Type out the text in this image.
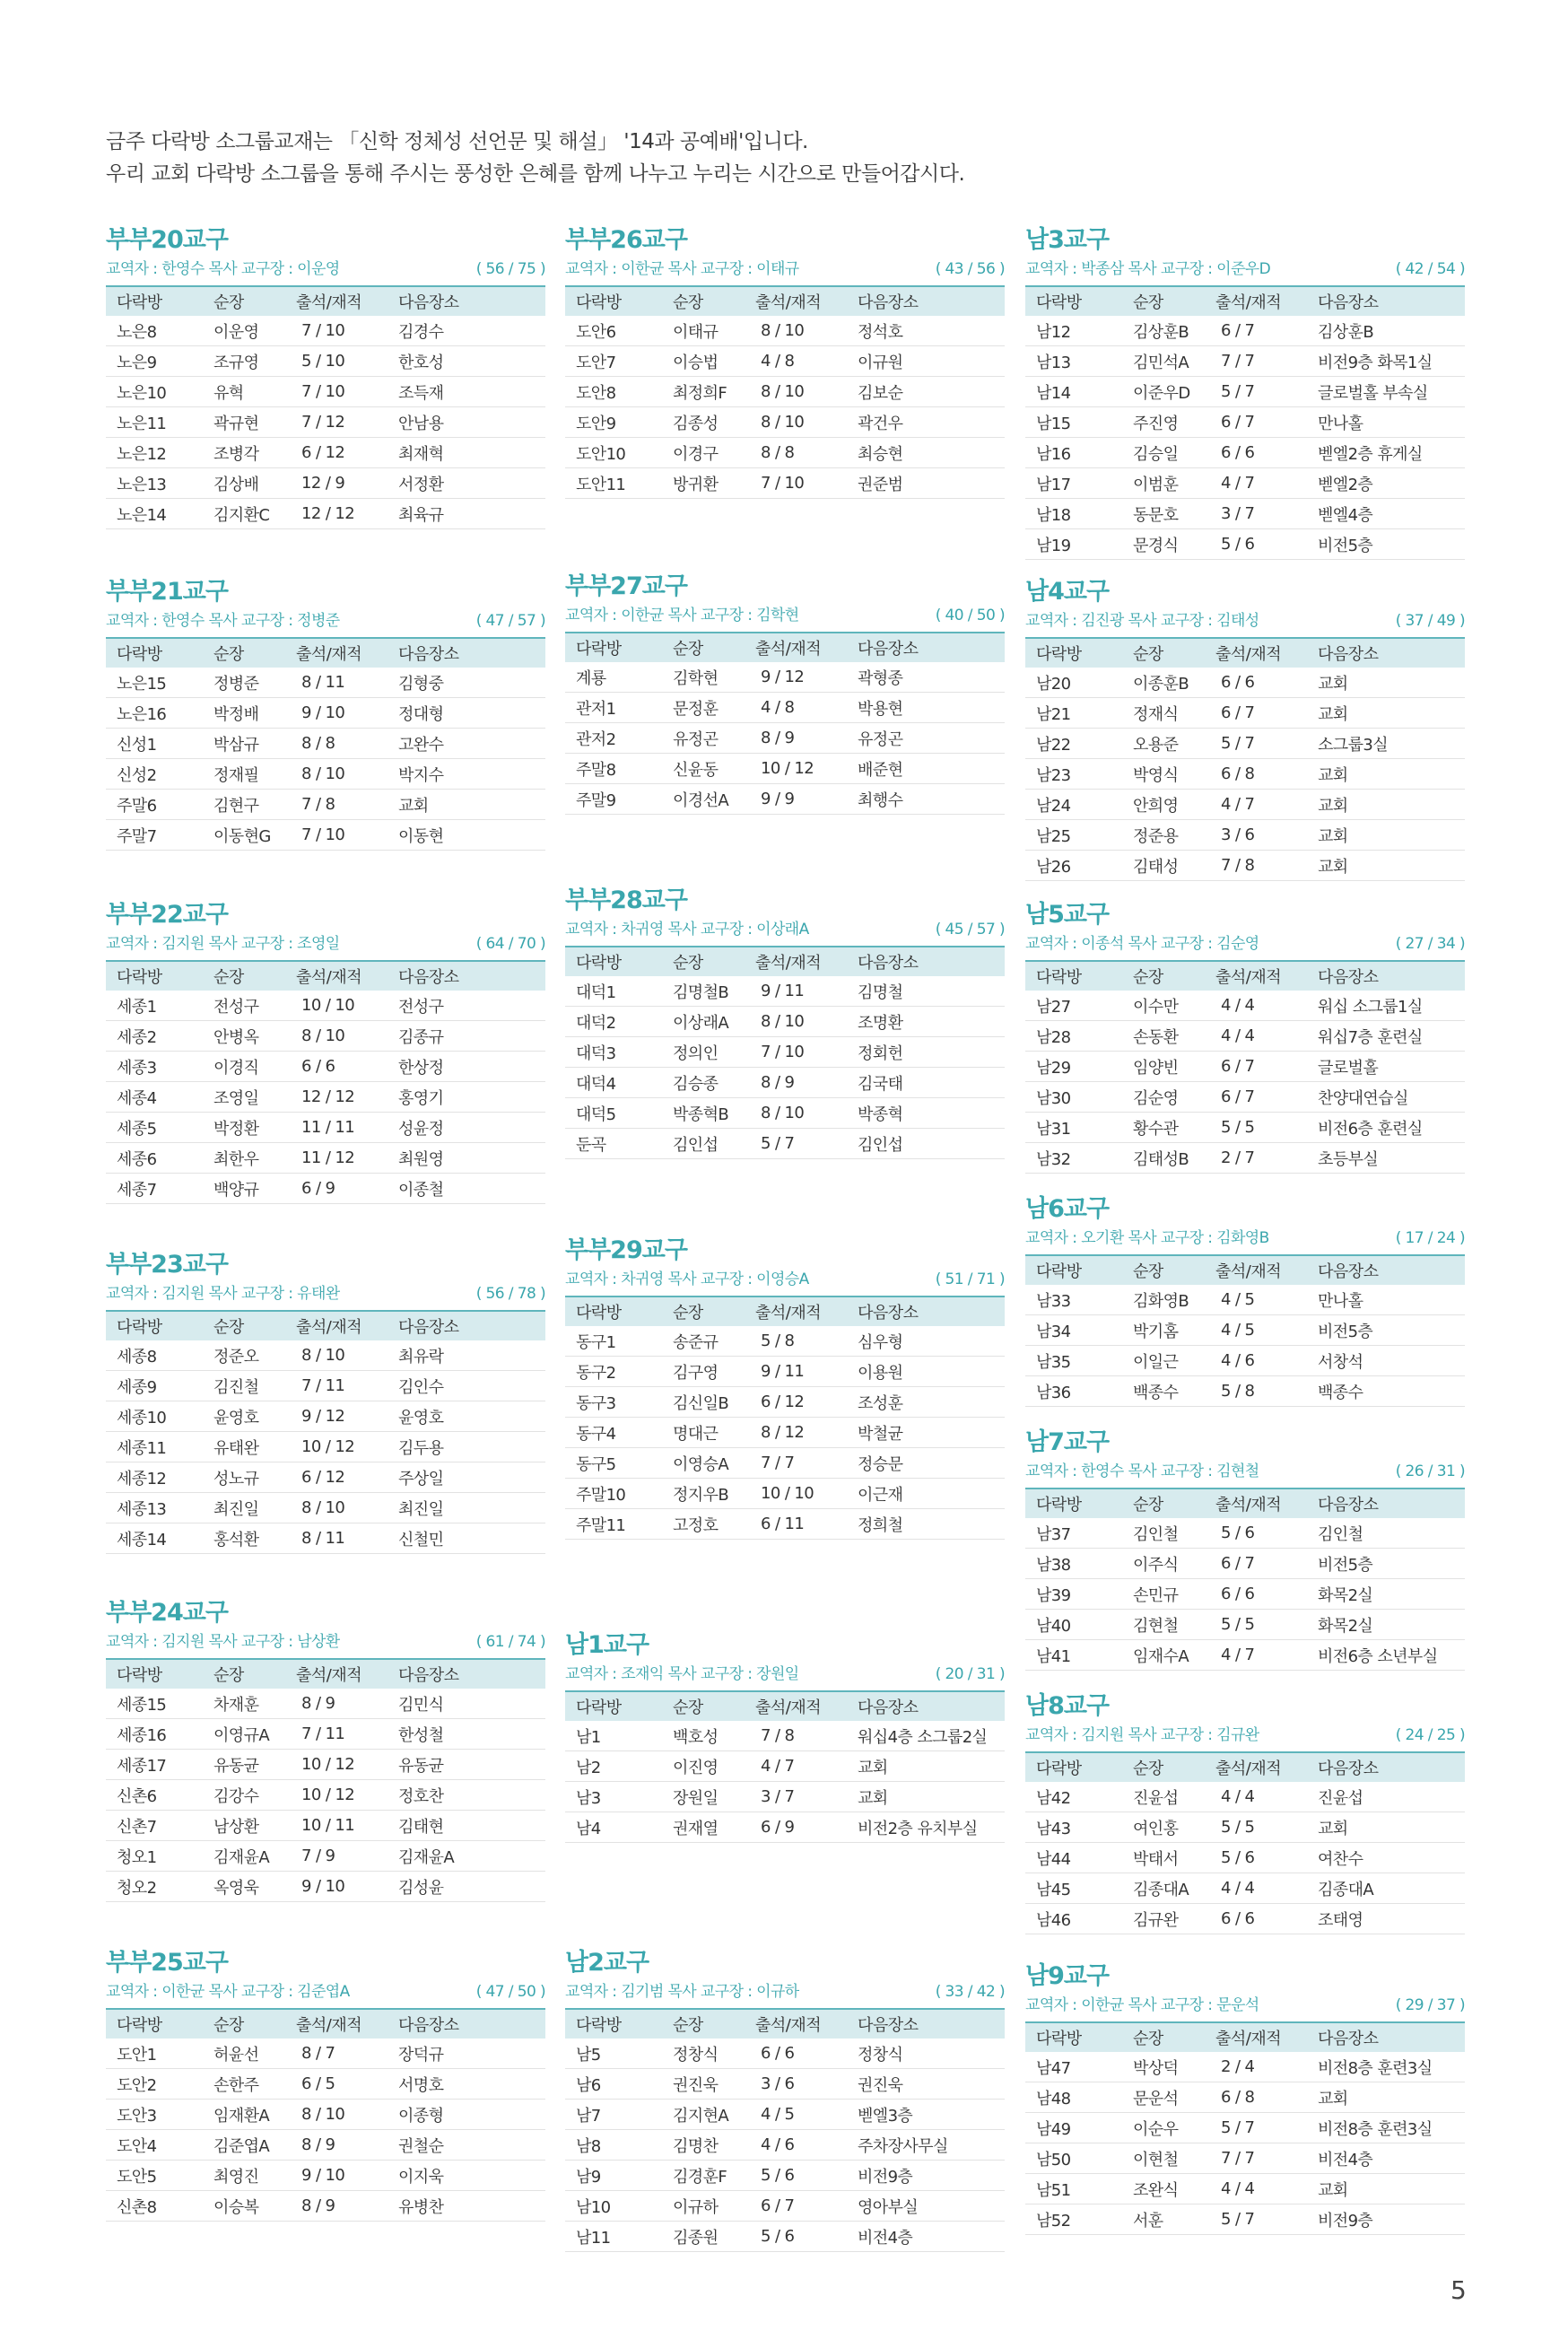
금주 다락방 소그룹교재는 「신학 정체성 선언문 및 해설」 '14과 공예배'입니다.

우리 교회 다락방 소그룹을 통해 주시는 풍성한 은혜를 함께 나누고 누리는 시간으로 만들어갑시다.

부부20교구
교역자 : 한영수 목사 교구장 : 이운영	( 56 / 75 )
다락방	순장	출석/재적	다음장소
노은8	이운영	7 / 10	김경수
노은9	조규영	5 / 10	한호성
노은10	유혁	7 / 10	조득재
노은11	곽규현	7 / 12	안남용
노은12	조병각	6 / 12	최재혁
노은13	김상배	12 / 9	서정환
노은14	김지환C	12 / 12	최육규
부부21교구
교역자 : 한영수 목사 교구장 : 정병준	( 47 / 57 )
다락방	순장	출석/재적	다음장소
노은15	정병준	8 / 11	김형중
노은16	박정배	9 / 10	정대형
신성1	박삼규	8 / 8	고완수
신성2	정재필	8 / 10	박지수
주말6	김현구	7 / 8	교회
주말7	이동현G	7 / 10	이동현
부부22교구
교역자 : 김지원 목사 교구장 : 조영일	( 64 / 70 )
다락방	순장	출석/재적	다음장소
세종1	전성구	10 / 10	전성구
세종2	안병옥	8 / 10	김종규
세종3	이경직	6 / 6	한상정
세종4	조영일	12 / 12	홍영기
세종5	박정환	11 / 11	성윤정
세종6	최한우	11 / 12	최원영
세종7	백양규	6 / 9	이종철
부부23교구
교역자 : 김지원 목사 교구장 : 유태완	( 56 / 78 )
다락방	순장	출석/재적	다음장소
세종8	정준오	8 / 10	최유락
세종9	김진철	7 / 11	김인수
세종10	윤영호	9 / 12	윤영호
세종11	유태완	10 / 12	김두용
세종12	성노규	6 / 12	주상일
세종13	최진일	8 / 10	최진일
세종14	홍석환	8 / 11	신철민
부부24교구
교역자 : 김지원 목사 교구장 : 남상환	( 61 / 74 )
다락방	순장	출석/재적	다음장소
세종15	차재훈	8 / 9	김민식
세종16	이영규A	7 / 11	한성철
세종17	유동균	10 / 12	유동균
신촌6	김강수	10 / 12	정호찬
신촌7	남상환	10 / 11	김태현
청오1	김재윤A	7 / 9	김재윤A
청오2	옥영욱	9 / 10	김성윤
부부25교구
교역자 : 이한균 목사 교구장 : 김준엽A	( 47 / 50 )
다락방	순장	출석/재적	다음장소
도안1	허윤선	8 / 7	장덕규
도안2	손한주	6 / 5	서명호
도안3	임재환A	8 / 10	이종형
도안4	김준엽A	8 / 9	권철순
도안5	최영진	9 / 10	이지욱
신촌8	이승복	8 / 9	유병찬
부부26교구
교역자 : 이한균 목사 교구장 : 이태규	( 43 / 56 )
다락방	순장	출석/재적	다음장소
도안6	이태규	8 / 10	정석호
도안7	이승법	4 / 8	이규원
도안8	최정희F	8 / 10	김보순
도안9	김종성	8 / 10	곽건우
도안10	이경구	8 / 8	최승현
도안11	방귀환	7 / 10	권준범
부부27교구
교역자 : 이한균 목사 교구장 : 김학현	( 40 / 50 )
다락방	순장	출석/재적	다음장소
계룡	김학현	9 / 12	곽형종
관저1	문정훈	4 / 8	박용현
관저2	유정곤	8 / 9	유정곤
주말8	신윤동	10 / 12	배준현
주말9	이경선A	9 / 9	최행수
부부28교구
교역자 : 차귀영 목사 교구장 : 이상래A	( 45 / 57 )
다락방	순장	출석/재적	다음장소
대덕1	김명철B	9 / 11	김명철
대덕2	이상래A	8 / 10	조명환
대덕3	정의인	7 / 10	정회헌
대덕4	김승종	8 / 9	김국태
대덕5	박종혁B	8 / 10	박종혁
둔곡	김인섭	5 / 7	김인섭
부부29교구
교역자 : 차귀영 목사 교구장 : 이영승A	( 51 / 71 )
다락방	순장	출석/재적	다음장소
동구1	송준규	5 / 8	심우형
동구2	김구영	9 / 11	이용원
동구3	김신일B	6 / 12	조성훈
동구4	명대근	8 / 12	박철균
동구5	이영승A	7 / 7	정승문
주말10	정지우B	10 / 10	이근재
주말11	고정호	6 / 11	정희철
남1교구
교역자 : 조재익 목사 교구장 : 장원일	( 20 / 31 )
다락방	순장	출석/재적	다음장소
남1	백호성	7 / 8	워십4층 소그룹2실
남2	이진영	4 / 7	교회
남3	장원일	3 / 7	교회
남4	권재열	6 / 9	비전2층 유치부실
남2교구
교역자 : 김기범 목사 교구장 : 이규하	( 33 / 42 )
다락방	순장	출석/재적	다음장소
남5	정창식	6 / 6	정창식
남6	권진욱	3 / 6	권진욱
남7	김지현A	4 / 5	벧엘3층
남8	김명찬	4 / 6	주차장사무실
남9	김경훈F	5 / 6	비전9층
남10	이규하	6 / 7	영아부실
남11	김종원	5 / 6	비전4층
남3교구
교역자 : 박종삼 목사 교구장 : 이준우D	( 42 / 54 )
다락방	순장	출석/재적	다음장소
남12	김상훈B	6 / 7	김상훈B
남13	김민석A	7 / 7	비전9층 화목1실
남14	이준우D	5 / 7	글로벌홀 부속실
남15	주진영	6 / 7	만나홀
남16	김승일	6 / 6	벧엘2층 휴게실
남17	이범훈	4 / 7	벧엘2층
남18	동문호	3 / 7	벧엘4층
남19	문경식	5 / 6	비전5층
남4교구
교역자 : 김진광 목사 교구장 : 김태성	( 37 / 49 )
다락방	순장	출석/재적	다음장소
남20	이종훈B	6 / 6	교회
남21	정재식	6 / 7	교회
남22	오용준	5 / 7	소그룹3실
남23	박영식	6 / 8	교회
남24	안희영	4 / 7	교회
남25	정준용	3 / 6	교회
남26	김태성	7 / 8	교회
남5교구
교역자 : 이종석 목사 교구장 : 김순영	( 27 / 34 )
다락방	순장	출석/재적	다음장소
남27	이수만	4 / 4	워십 소그룹1실
남28	손동환	4 / 4	워십7층 훈련실
남29	임양빈	6 / 7	글로벌홀
남30	김순영	6 / 7	찬양대연습실
남31	황수관	5 / 5	비전6층 훈련실
남32	김태성B	2 / 7	초등부실
남6교구
교역자 : 오기환 목사 교구장 : 김화영B	( 17 / 24 )
다락방	순장	출석/재적	다음장소
남33	김화영B	4 / 5	만나홀
남34	박기홈	4 / 5	비전5층
남35	이일근	4 / 6	서창석
남36	백종수	5 / 8	백종수
남7교구
교역자 : 한영수 목사 교구장 : 김현철	( 26 / 31 )
다락방	순장	출석/재적	다음장소
남37	김인철	5 / 6	김인철
남38	이주식	6 / 7	비전5층
남39	손민규	6 / 6	화목2실
남40	김현철	5 / 5	화목2실
남41	임재수A	4 / 7	비전6층 소년부실
남8교구
교역자 : 김지원 목사 교구장 : 김규완	( 24 / 25 )
다락방	순장	출석/재적	다음장소
남42	진윤섭	4 / 4	진윤섭
남43	여인홍	5 / 5	교회
남44	박태서	5 / 6	여찬수
남45	김종대A	4 / 4	김종대A
남46	김규완	6 / 6	조태영
남9교구
교역자 : 이한균 목사 교구장 : 문운석	( 29 / 37 )
다락방	순장	출석/재적	다음장소
남47	박상덕	2 / 4	비전8층 훈련3실
남48	문운석	6 / 8	교회
남49	이순우	5 / 7	비전8층 훈련3실
남50	이현철	7 / 7	비전4층
남51	조완식	4 / 4	교회
남52	서훈	5 / 7	비전9층
5
